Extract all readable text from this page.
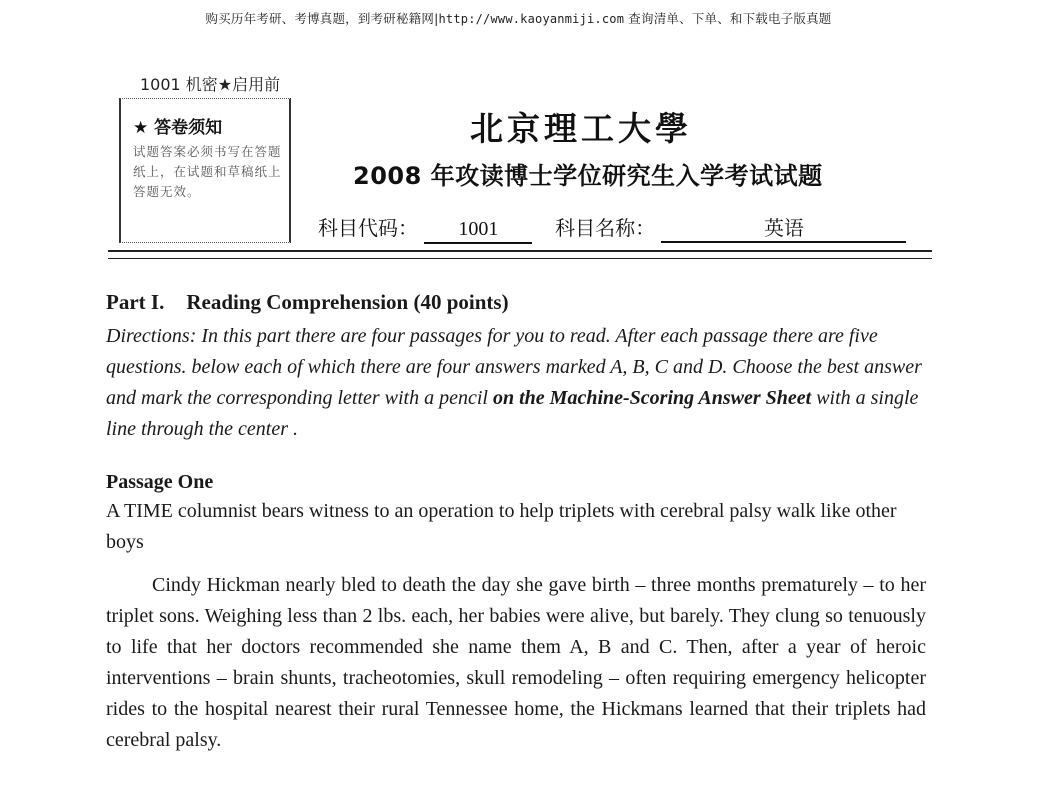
购买历年考研、考博真题，到考研秘籍网|http://www.kaoyanmiji.com 查询清单、下单、和下载电子版真题
1001 机密★启用前
★ 答卷须知
试题答案必须书写在答题纸上，在试题和草稿纸上答题无效。
北京理工大學
2008 年攻读博士学位研究生入学考试试题
科目代码： 1001	科目名称：	英语
Part I. Reading Comprehension (40 points)

Directions: In this part there are four passages for you to read. After each passage there are five questions. below each of which there are four answers marked A, B, C and D. Choose the best answer and mark the corresponding letter with a pencil on the Machine-Scoring Answer Sheet with a single line through the center .

Passage One

A TIME columnist bears witness to an operation to help triplets with cerebral palsy walk like other boys

Cindy Hickman nearly bled to death the day she gave birth – three months prematurely – to her triplet sons. Weighing less than 2 lbs. each, her babies were alive, but barely. They clung so tenuously to life that her doctors recommended she name them A, B and C. Then, after a year of heroic interventions – brain shunts, tracheotomies, skull remodeling – often requiring emergency helicopter rides to the hospital nearest their rural Tennessee home, the Hickmans learned that their triplets had cerebral palsy.
